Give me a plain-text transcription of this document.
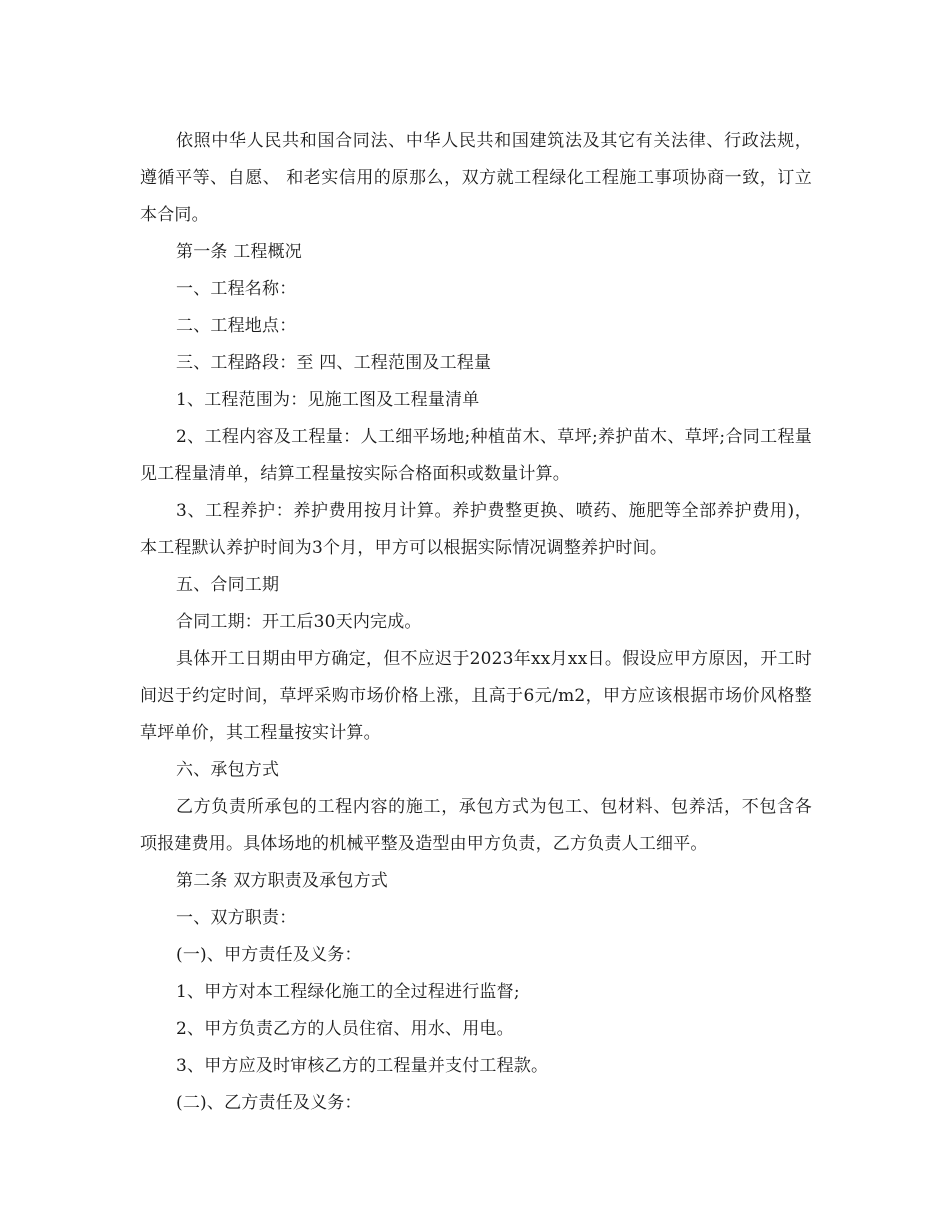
依照中华人民共和国合同法、中华人民共和国建筑法及其它有关法律、行政法规，遵循平等、自愿、 和老实信用的原那么，双方就工程绿化工程施工事项协商一致，订立本合同。

第一条 工程概况

一、工程名称：

二、工程地点：

三、工程路段：至 四、工程范围及工程量

1、工程范围为：见施工图及工程量清单

2、工程内容及工程量：人工细平场地;种植苗木、草坪;养护苗木、草坪;合同工程量见工程量清单，结算工程量按实际合格面积或数量计算。

3、工程养护：养护费用按月计算。养护费整更换、喷药、施肥等全部养护费用)，本工程默认养护时间为3个月，甲方可以根据实际情况调整养护时间。

五、合同工期

合同工期：开工后30天内完成。

具体开工日期由甲方确定，但不应迟于2023年xx月xx日。假设应甲方原因，开工时间迟于约定时间，草坪采购市场价格上涨，且高于6元/m2，甲方应该根据市场价风格整草坪单价，其工程量按实计算。

六、承包方式

乙方负责所承包的工程内容的施工，承包方式为包工、包材料、包养活，不包含各项报建费用。具体场地的机械平整及造型由甲方负责，乙方负责人工细平。

第二条 双方职责及承包方式

一、双方职责：

(一)、甲方责任及义务：

1、甲方对本工程绿化施工的全过程进行监督;

2、甲方负责乙方的人员住宿、用水、用电。

3、甲方应及时审核乙方的工程量并支付工程款。

(二)、乙方责任及义务：
